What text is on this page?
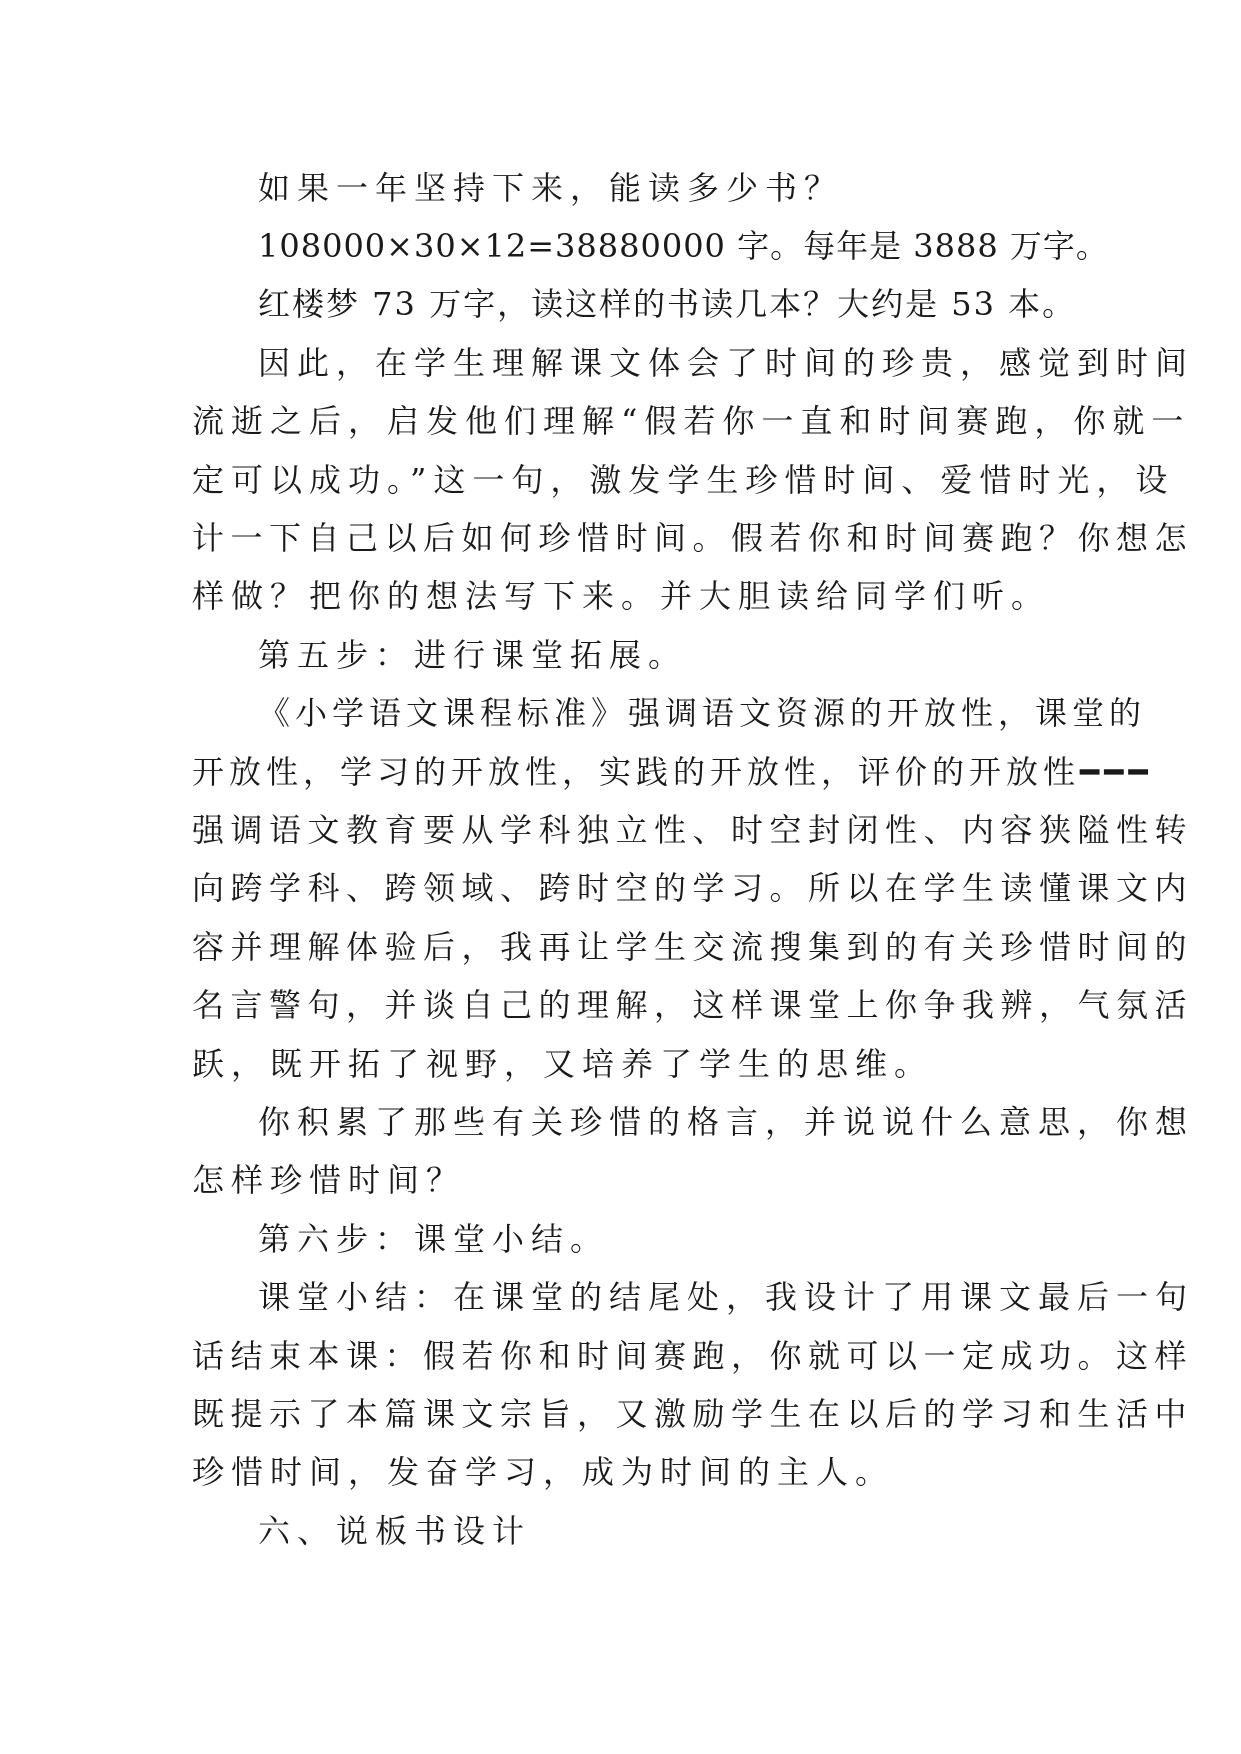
如果一年坚持下来，能读多少书？
108000×30×12=38880000 字。每年是 3888 万字。
红楼梦 73 万字，读这样的书读几本？大约是 53 本。
因此，在学生理解课文体会了时间的珍贵，感觉到时间
流逝之后，启发他们理解“假若你一直和时间赛跑，你就一
定可以成功。”这一句，激发学生珍惜时间、爱惜时光，设
计一下自己以后如何珍惜时间。假若你和时间赛跑？你想怎
样做？把你的想法写下来。并大胆读给同学们听。
第五步：进行课堂拓展。
《小学语文课程标准》强调语文资源的开放性，课堂的
开放性，学习的开放性，实践的开放性，评价的开放性━━━
强调语文教育要从学科独立性、时空封闭性、内容狭隘性转
向跨学科、跨领域、跨时空的学习。所以在学生读懂课文内
容并理解体验后，我再让学生交流搜集到的有关珍惜时间的
名言警句，并谈自己的理解，这样课堂上你争我辨，气氛活
跃，既开拓了视野，又培养了学生的思维。
你积累了那些有关珍惜的格言，并说说什么意思，你想
怎样珍惜时间？
第六步：课堂小结。
课堂小结：在课堂的结尾处，我设计了用课文最后一句
话结束本课：假若你和时间赛跑，你就可以一定成功。这样
既提示了本篇课文宗旨，又激励学生在以后的学习和生活中
珍惜时间，发奋学习，成为时间的主人。
六、说板书设计
